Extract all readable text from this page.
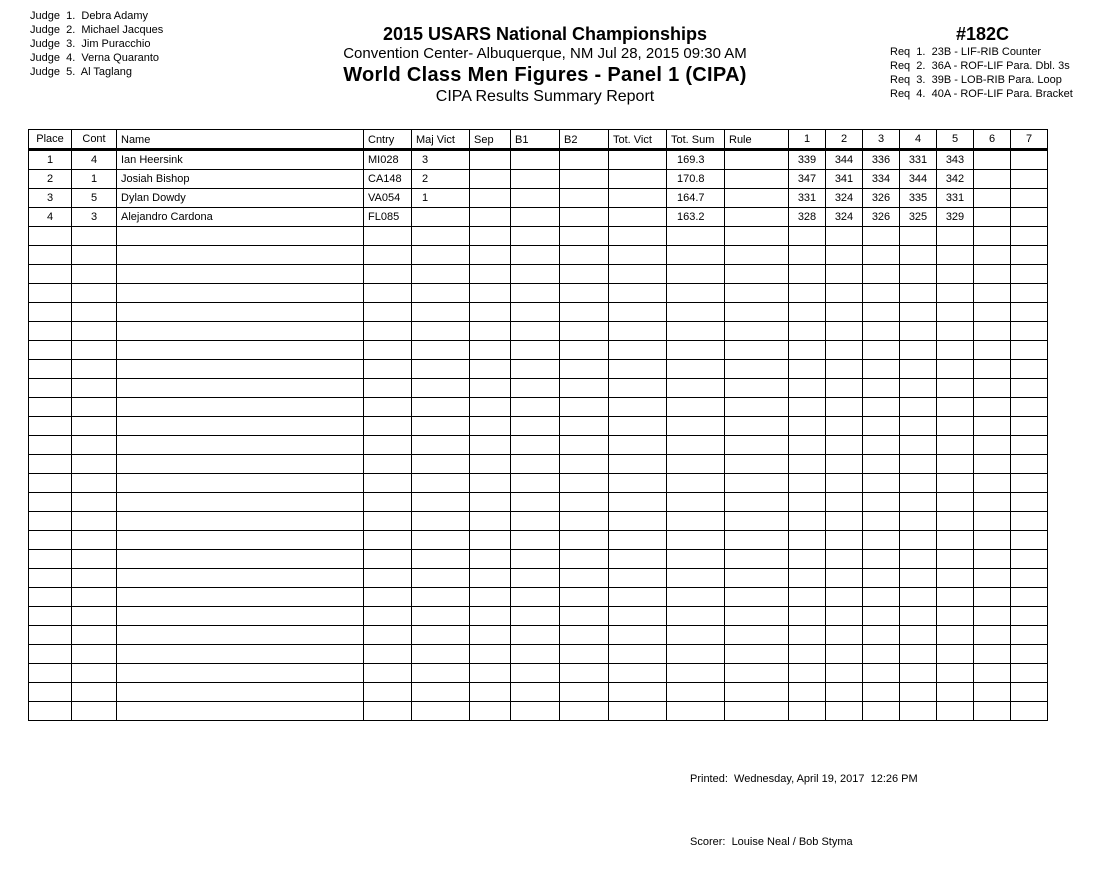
Judge  1.  Debra Adamy
Judge  2.  Michael Jacques
Judge  3.  Jim Puracchio
Judge  4.  Verna Quaranto
Judge  5.  Al Taglang
2015 USARS National Championships
Convention Center- Albuquerque, NM Jul 28, 2015 09:30 AM
World Class Men Figures - Panel 1 (CIPA)
CIPA Results Summary Report
#182C
Req  1.  23B - LIF-RIB Counter
Req  2.  36A - ROF-LIF Para. Dbl. 3s
Req  3.  39B - LOB-RIB Para. Loop
Req  4.  40A - ROF-LIF Para. Bracket
Place	Cont	Name	Cntry	Maj Vict	Sep	B1	B2	Tot. Vict	Tot. Sum	Rule	1	2	3	4	5	6	7
1	4	Ian Heersink	MI028	3					169.3		339	344	336	331	343		
2	1	Josiah Bishop	CA148	2					170.8		347	341	334	344	342		
3	5	Dylan Dowdy	VA054	1					164.7		331	324	326	335	331		
4	3	Alejandro Cardona	FL085						163.2		328	324	326	325	329		

Printed:  Wednesday, April 19, 2017  12:26 PM

Scorer:  Louise Neal / Bob Styma
